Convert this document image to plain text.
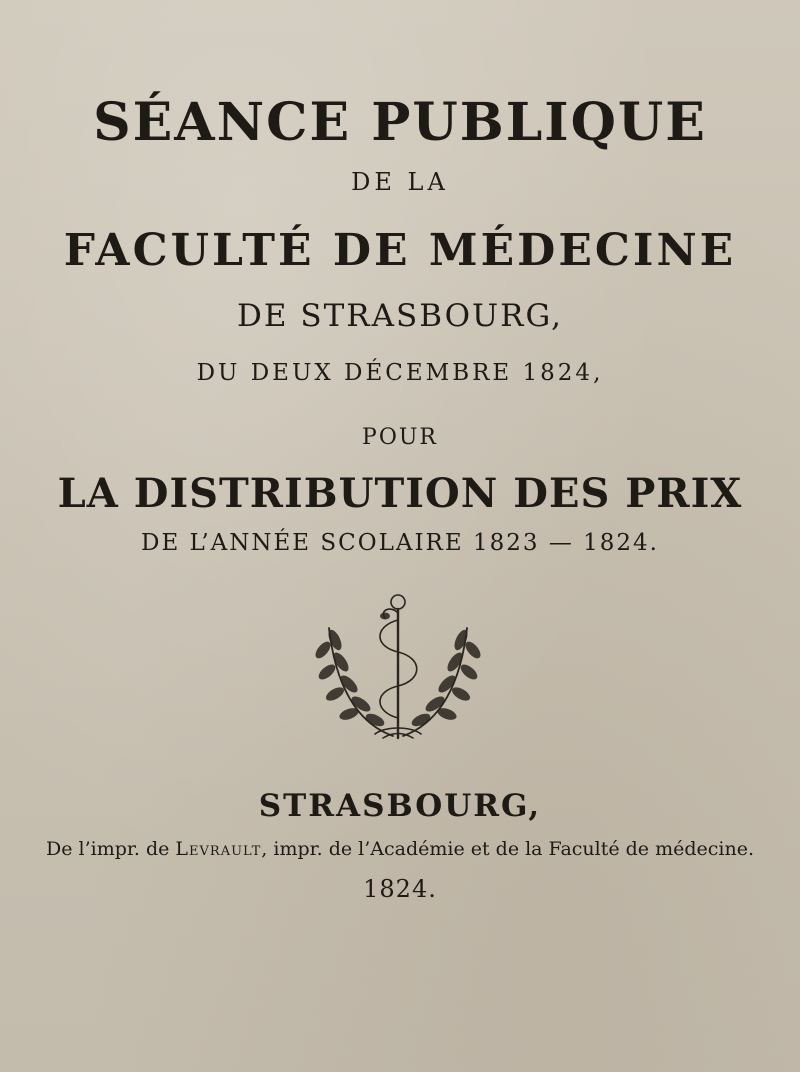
SÉANCE PUBLIQUE
DE LA
FACULTÉ DE MÉDECINE
DE STRASBOURG,
DU DEUX DÉCEMBRE 1824,
POUR
LA DISTRIBUTION DES PRIX
DE L’ANNÉE SCOLAIRE 1823 — 1824.
STRASBOURG,
De l’impr. de Levrault, impr. de l’Académie et de la Faculté de médecine.
1824.
